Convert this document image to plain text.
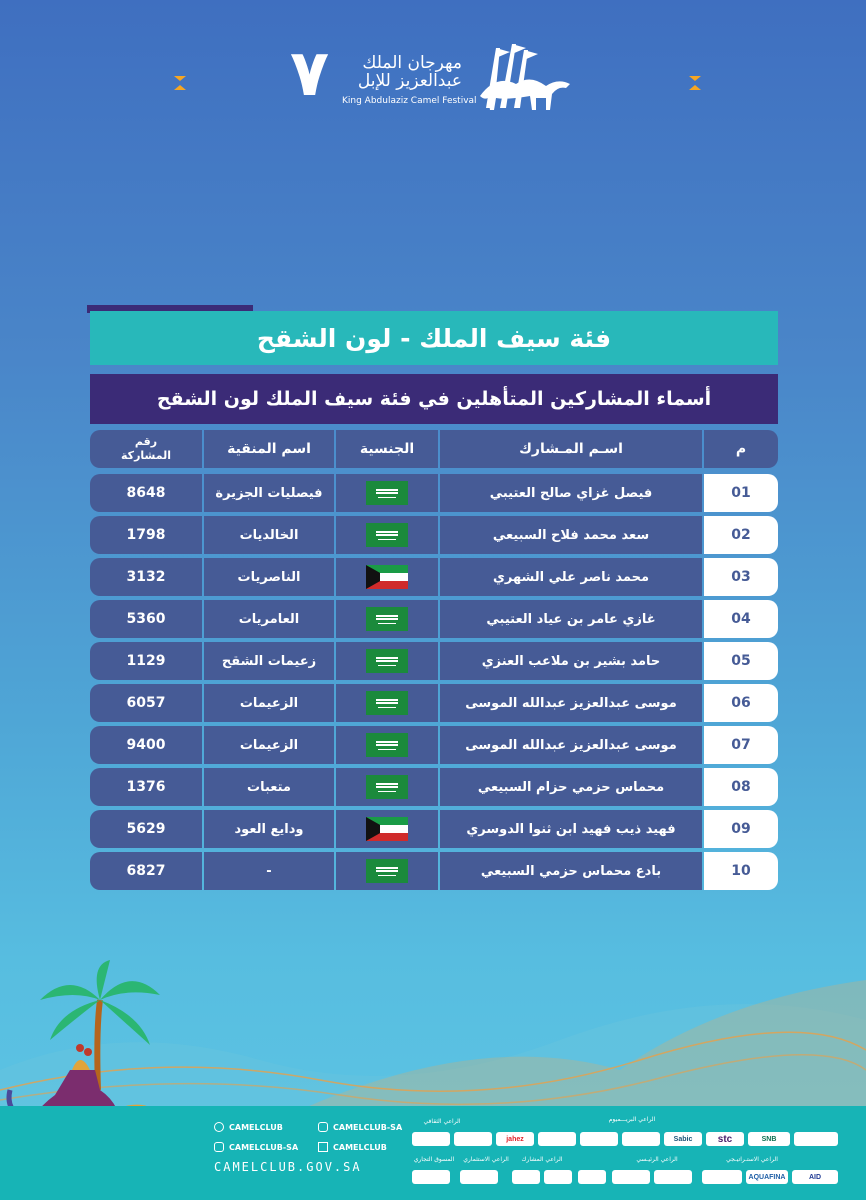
٧	مهرجان الملك
عبدالعزيز للإبل
King Abdulaziz Camel Festival
فئة سيف الملك - لون الشقح
أسماء المشاركين المتأهلين في فئة سيف الملك لون الشقح
رقم
المشاركة	اسم المنقية	الجنسية	اسـم المـشارك	م
8648	فيصليات الجزيرة	فيصل غزاي صالح العتيبي	01
1798	الخالديات	سعد محمد فلاح السبيعي	02
3132	الناصريات	محمد ناصر علي الشهري	03
5360	العامريات	غازي عامر بن عياد العتيبي	04
1129	زعيمات الشقح	حامد بشير بن ملاعب العنزي	05
6057	الزعيمات	موسى عبدالعزيز عبدالله الموسى	06
9400	الزعيمات	موسى عبدالعزيز عبدالله الموسى	07
1376	متعبات	محماس حزمي حزام السبيعي	08
5629	ودايع العود	فهيد ذيب فهيد ابن ثنوا الدوسري	09
6827	-	بادع محماس حزمي السبيعي	10
CAMELCLUB-SA
CAMELCLUB
CAMELCLUB
CAMELCLUB-SA
CAMELCLUB.GOV.SA
الراعي الثقافي	الراعي البريـــميوم
الراعي الاستـراتيـجي
الراعي الرئيـسي
الراعي المشارك
الراعي الاستثماري
المسوق التجاري
jahez	Sabic	stc	SNB
AQUAFINA	AID
